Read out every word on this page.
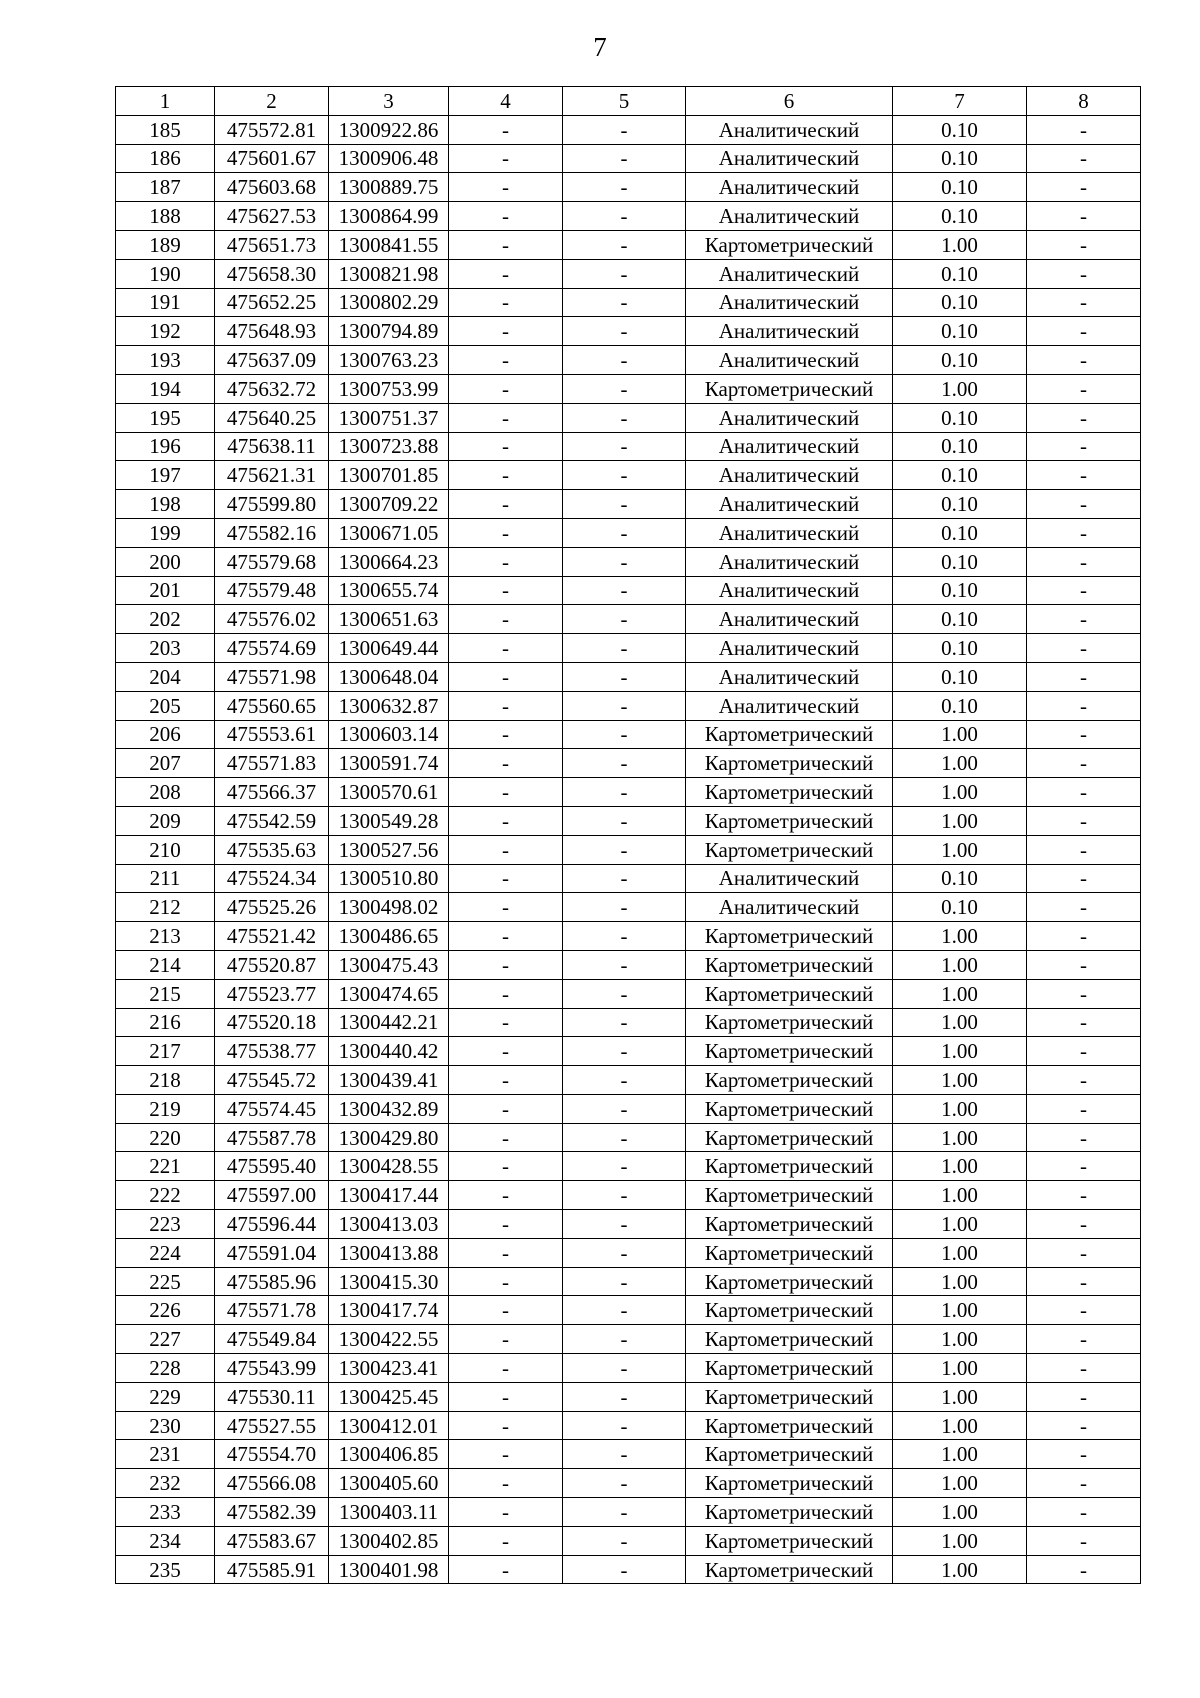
7
1	2	3	4	5	6	7	8
185	475572.81	1300922.86	-	-	Аналитический	0.10	-
186	475601.67	1300906.48	-	-	Аналитический	0.10	-
187	475603.68	1300889.75	-	-	Аналитический	0.10	-
188	475627.53	1300864.99	-	-	Аналитический	0.10	-
189	475651.73	1300841.55	-	-	Картометрический	1.00	-
190	475658.30	1300821.98	-	-	Аналитический	0.10	-
191	475652.25	1300802.29	-	-	Аналитический	0.10	-
192	475648.93	1300794.89	-	-	Аналитический	0.10	-
193	475637.09	1300763.23	-	-	Аналитический	0.10	-
194	475632.72	1300753.99	-	-	Картометрический	1.00	-
195	475640.25	1300751.37	-	-	Аналитический	0.10	-
196	475638.11	1300723.88	-	-	Аналитический	0.10	-
197	475621.31	1300701.85	-	-	Аналитический	0.10	-
198	475599.80	1300709.22	-	-	Аналитический	0.10	-
199	475582.16	1300671.05	-	-	Аналитический	0.10	-
200	475579.68	1300664.23	-	-	Аналитический	0.10	-
201	475579.48	1300655.74	-	-	Аналитический	0.10	-
202	475576.02	1300651.63	-	-	Аналитический	0.10	-
203	475574.69	1300649.44	-	-	Аналитический	0.10	-
204	475571.98	1300648.04	-	-	Аналитический	0.10	-
205	475560.65	1300632.87	-	-	Аналитический	0.10	-
206	475553.61	1300603.14	-	-	Картометрический	1.00	-
207	475571.83	1300591.74	-	-	Картометрический	1.00	-
208	475566.37	1300570.61	-	-	Картометрический	1.00	-
209	475542.59	1300549.28	-	-	Картометрический	1.00	-
210	475535.63	1300527.56	-	-	Картометрический	1.00	-
211	475524.34	1300510.80	-	-	Аналитический	0.10	-
212	475525.26	1300498.02	-	-	Аналитический	0.10	-
213	475521.42	1300486.65	-	-	Картометрический	1.00	-
214	475520.87	1300475.43	-	-	Картометрический	1.00	-
215	475523.77	1300474.65	-	-	Картометрический	1.00	-
216	475520.18	1300442.21	-	-	Картометрический	1.00	-
217	475538.77	1300440.42	-	-	Картометрический	1.00	-
218	475545.72	1300439.41	-	-	Картометрический	1.00	-
219	475574.45	1300432.89	-	-	Картометрический	1.00	-
220	475587.78	1300429.80	-	-	Картометрический	1.00	-
221	475595.40	1300428.55	-	-	Картометрический	1.00	-
222	475597.00	1300417.44	-	-	Картометрический	1.00	-
223	475596.44	1300413.03	-	-	Картометрический	1.00	-
224	475591.04	1300413.88	-	-	Картометрический	1.00	-
225	475585.96	1300415.30	-	-	Картометрический	1.00	-
226	475571.78	1300417.74	-	-	Картометрический	1.00	-
227	475549.84	1300422.55	-	-	Картометрический	1.00	-
228	475543.99	1300423.41	-	-	Картометрический	1.00	-
229	475530.11	1300425.45	-	-	Картометрический	1.00	-
230	475527.55	1300412.01	-	-	Картометрический	1.00	-
231	475554.70	1300406.85	-	-	Картометрический	1.00	-
232	475566.08	1300405.60	-	-	Картометрический	1.00	-
233	475582.39	1300403.11	-	-	Картометрический	1.00	-
234	475583.67	1300402.85	-	-	Картометрический	1.00	-
235	475585.91	1300401.98	-	-	Картометрический	1.00	-
